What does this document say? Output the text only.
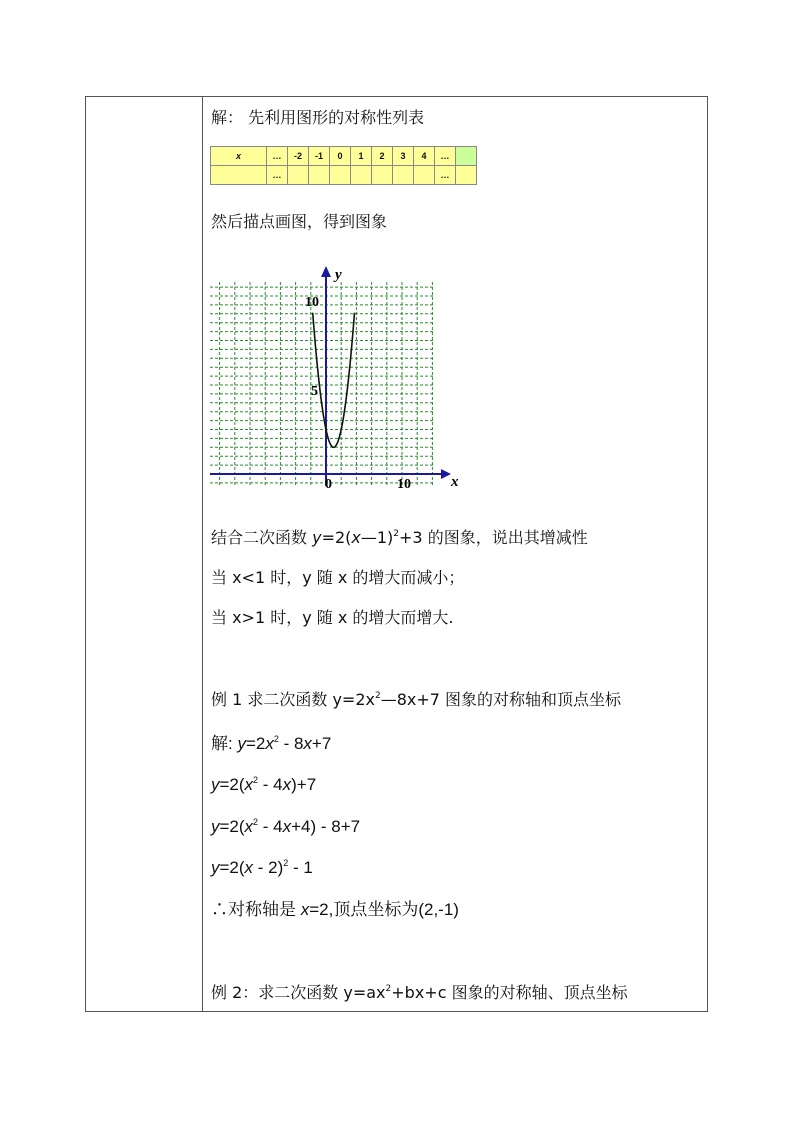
解： 先利用图形的对称性列表
x	…	-2	-1	0	1	2	3	4	…	
	…								…	
然后描点画图，得到图象
y
x
10
5
0	10
结合二次函数 y=2(x—1)$^2$+3 的图象，说出其增减性
当 x<1 时，y 随 x 的增大而减小；
当 x>1 时，y 随 x 的增大而增大.
例 1 求二次函数 $y=2x^2—8x+7$ 图象的对称轴和顶点坐标
解: $y=2x^2 - 8x+7$
$y=2(x^2 - 4x)+7$
$y=2(x^2 - 4x+4) - 8+7$
y=2(x - 2)$^2$ - 1
∴对称轴是 x=2,顶点坐标为(2,-1)
例 2：求二次函数 $y=ax^2+bx+c$ 图象的对称轴、顶点坐标
